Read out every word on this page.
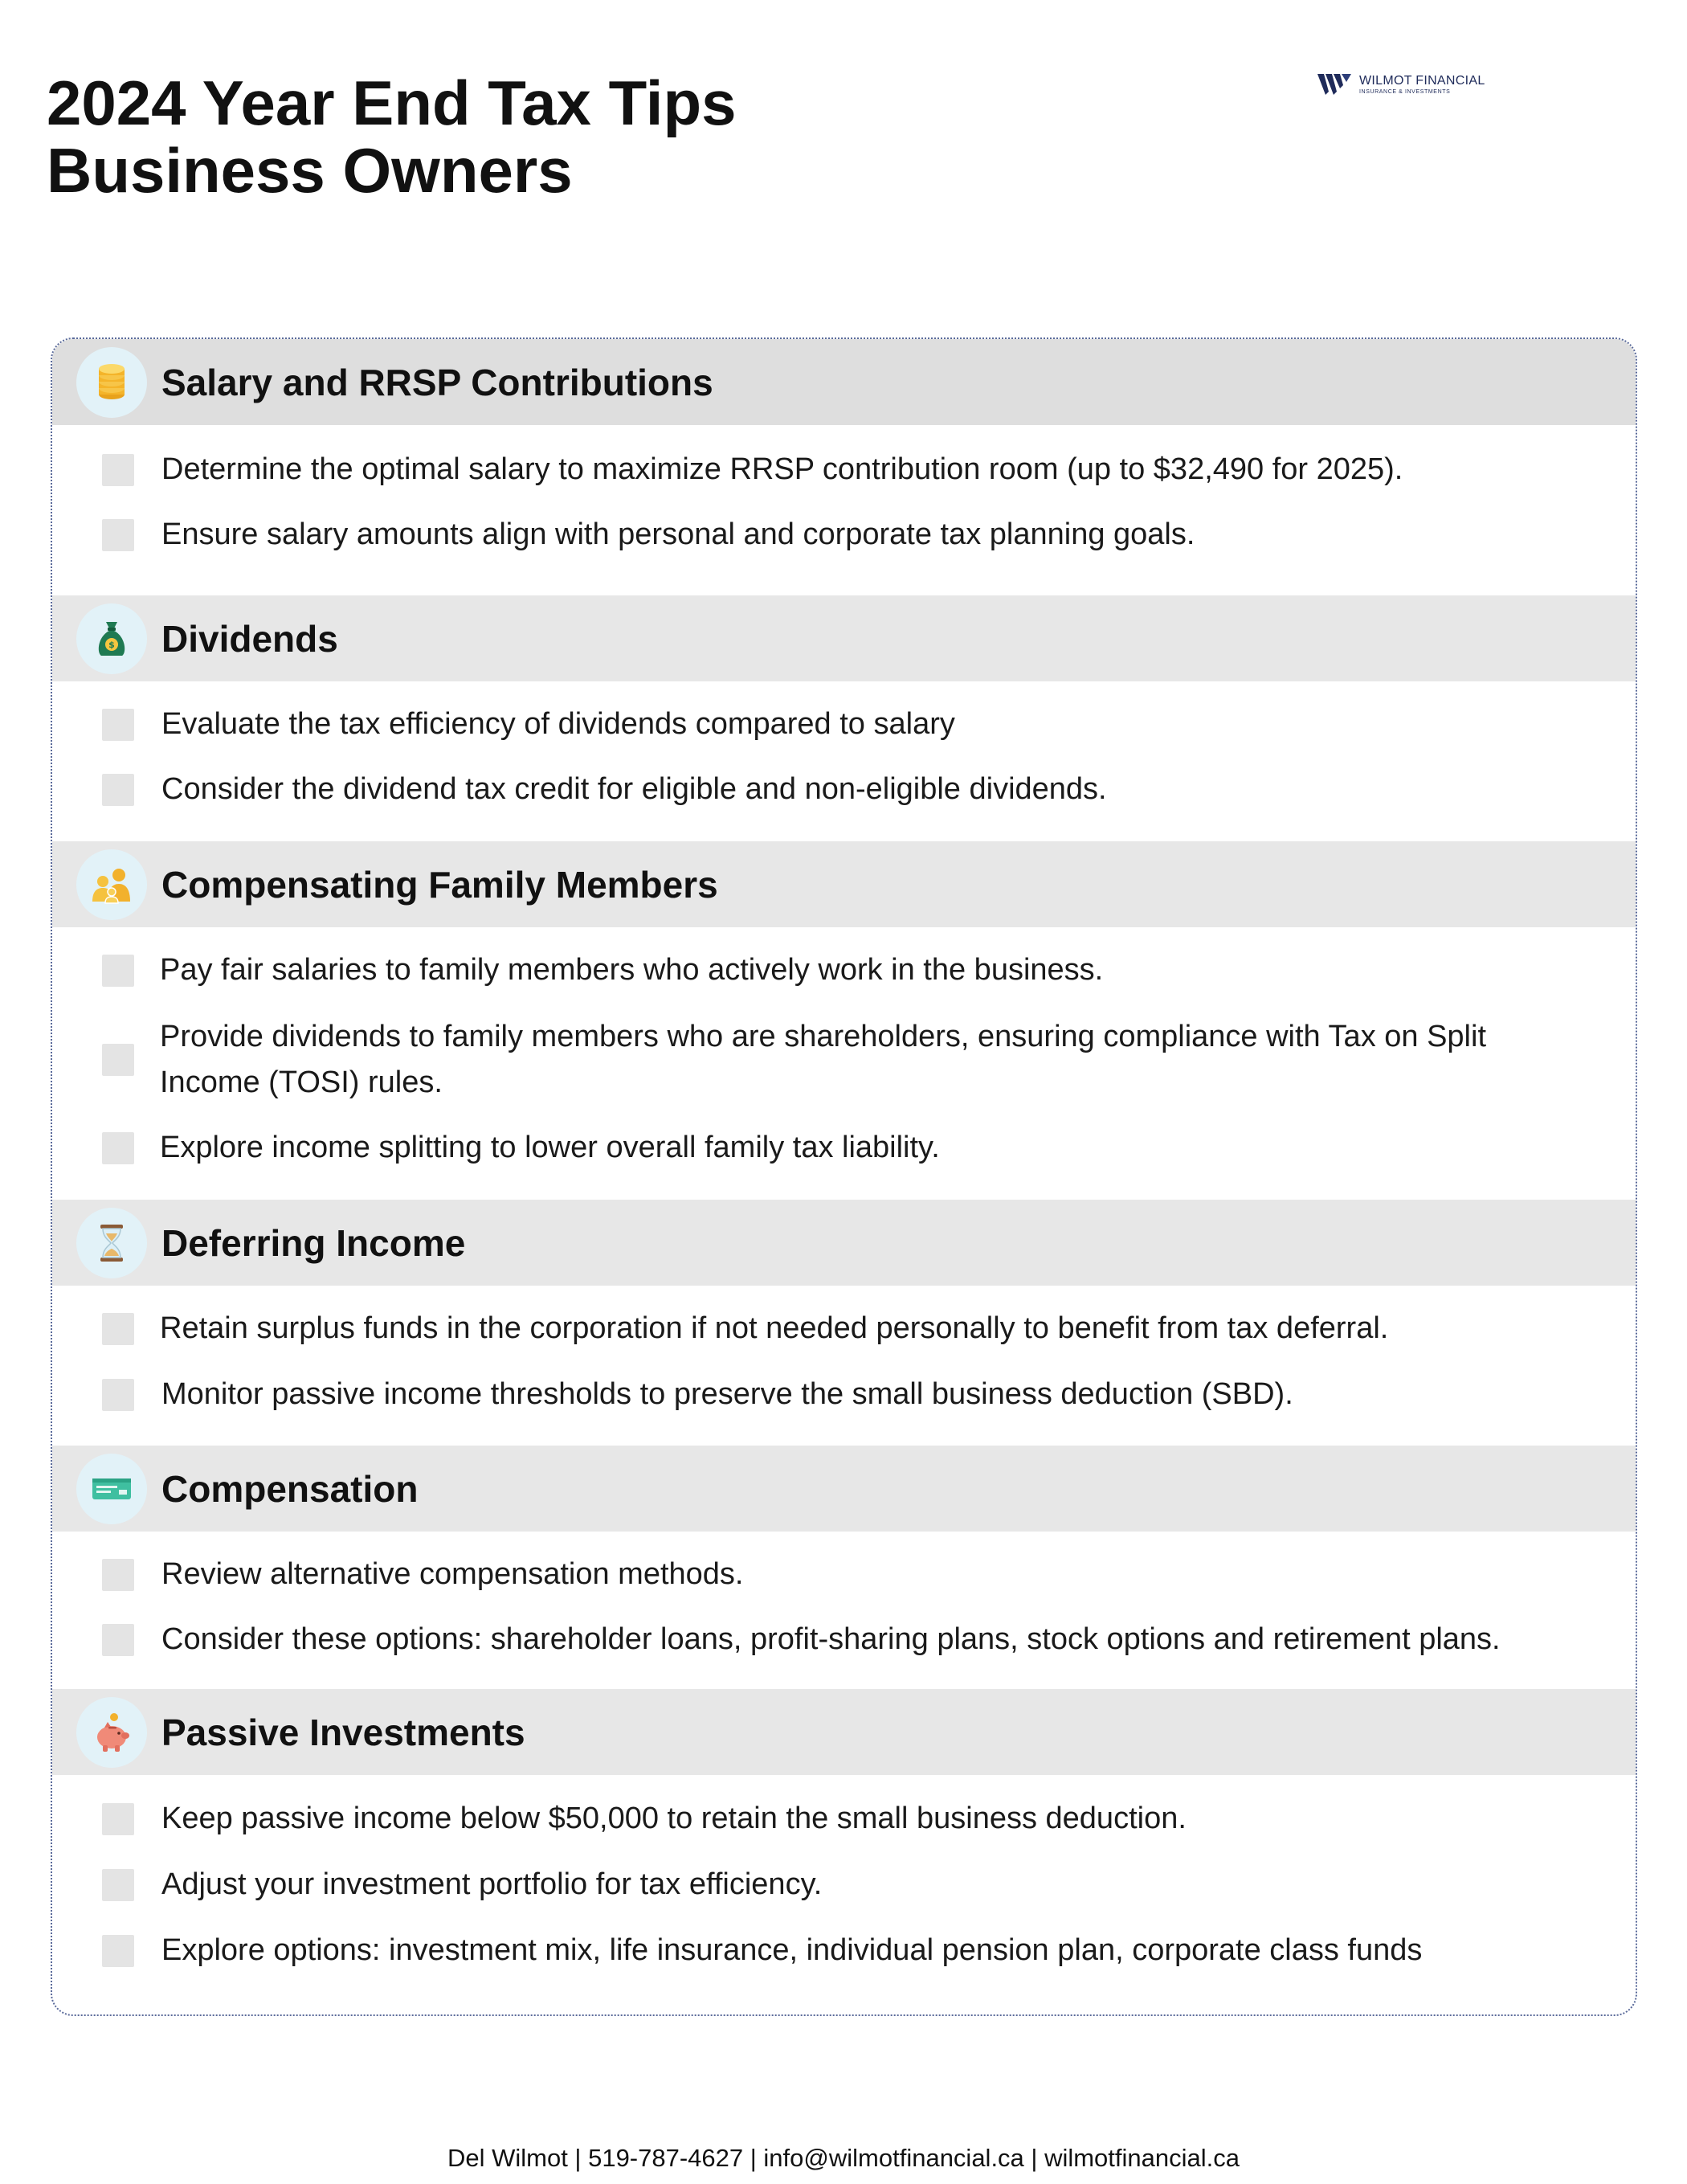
2024 Year End Tax Tips
Business Owners
WILMOT FINANCIAL
INSURANCE & INVESTMENTS
Salary and RRSP Contributions
Determine the optimal salary to maximize RRSP contribution room (up to $32,490 for 2025).
Ensure salary amounts align with personal and corporate tax planning goals.
$ Dividends
Evaluate the tax efficiency of dividends compared to salary
Consider the dividend tax credit for eligible and non-eligible dividends.
Compensating Family Members
Pay fair salaries to family members who actively work in the business.
Provide dividends to family members who are shareholders, ensuring compliance with Tax on Split
Income (TOSI) rules.
Explore income splitting to lower overall family tax liability.
Deferring Income
Retain surplus funds in the corporation if not needed personally to benefit from tax deferral.
Monitor passive income thresholds to preserve the small business deduction (SBD).
Compensation
Review alternative compensation methods.
Consider these options: shareholder loans, profit-sharing plans, stock options and retirement plans.
Passive Investments
Keep passive income below $50,000 to retain the small business deduction.
Adjust your investment portfolio for tax efficiency.
Explore options: investment mix, life insurance, individual pension plan, corporate class funds
Del Wilmot | 519-787-4627 | info@wilmotfinancial.ca | wilmotfinancial.ca
